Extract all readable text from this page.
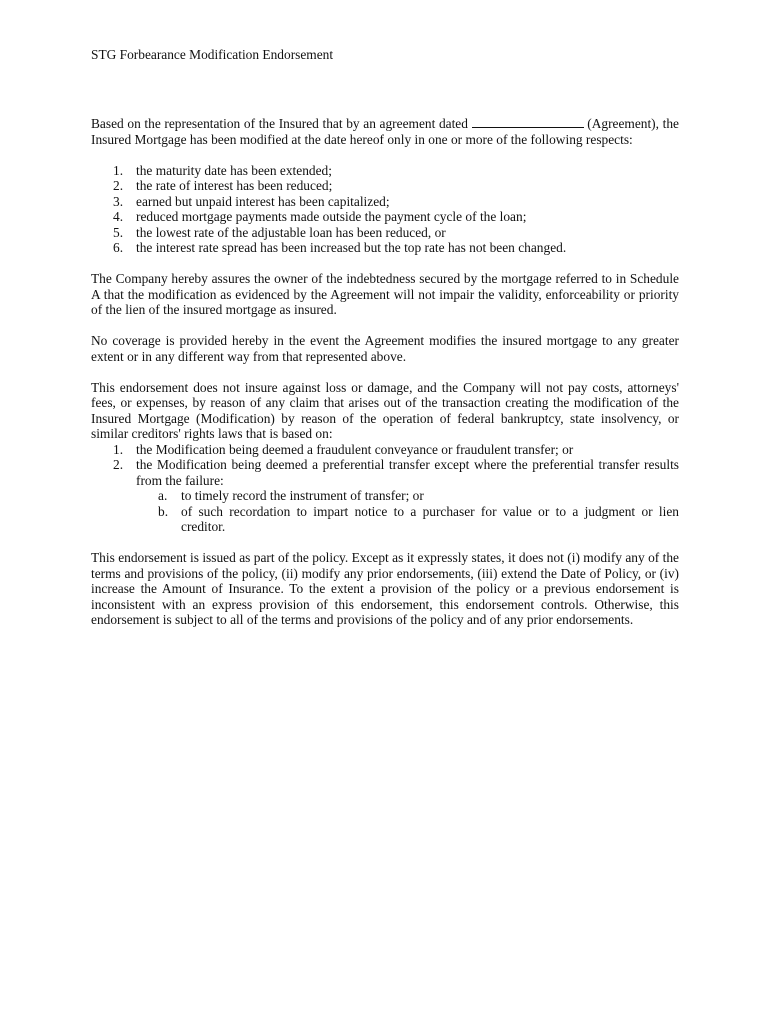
STG Forbearance Modification Endorsement

Based on the representation of the Insured that by an agreement dated	(Agreement), the Insured Mortgage has been modified at the date hereof only in one or more of the following respects:

1. the maturity date has been extended;
2. the rate of interest has been reduced;
3. earned but unpaid interest has been capitalized;
4. reduced mortgage payments made outside the payment cycle of the loan;
5. the lowest rate of the adjustable loan has been reduced, or
6. the interest rate spread has been increased but the top rate has not been changed.

The Company hereby assures the owner of the indebtedness secured by the mortgage referred to in Schedule A that the modification as evidenced by the Agreement will not impair the validity, enforceability or priority of the lien of the insured mortgage as insured.

No coverage is provided hereby in the event the Agreement modifies the insured mortgage to any greater extent or in any different way from that represented above.

This endorsement does not insure against loss or damage, and the Company will not pay costs, attorneys' fees, or expenses, by reason of any claim that arises out of the transaction creating the modification of the Insured Mortgage (Modification) by reason of the operation of federal bankruptcy, state insolvency, or similar creditors' rights laws that is based on:

1. the Modification being deemed a fraudulent conveyance or fraudulent transfer; or
2. the Modification being deemed a preferential transfer except where the preferential transfer results from the failure:
a. to timely record the instrument of transfer; or
b. of such recordation to impart notice to a purchaser for value or to a judgment or lien creditor.

This endorsement is issued as part of the policy. Except as it expressly states, it does not (i) modify any of the terms and provisions of the policy, (ii) modify any prior endorsements, (iii) extend the Date of Policy, or (iv) increase the Amount of Insurance. To the extent a provision of the policy or a previous endorsement is inconsistent with an express provision of this endorsement, this endorsement controls. Otherwise, this endorsement is subject to all of the terms and provisions of the policy and of any prior endorsements.
